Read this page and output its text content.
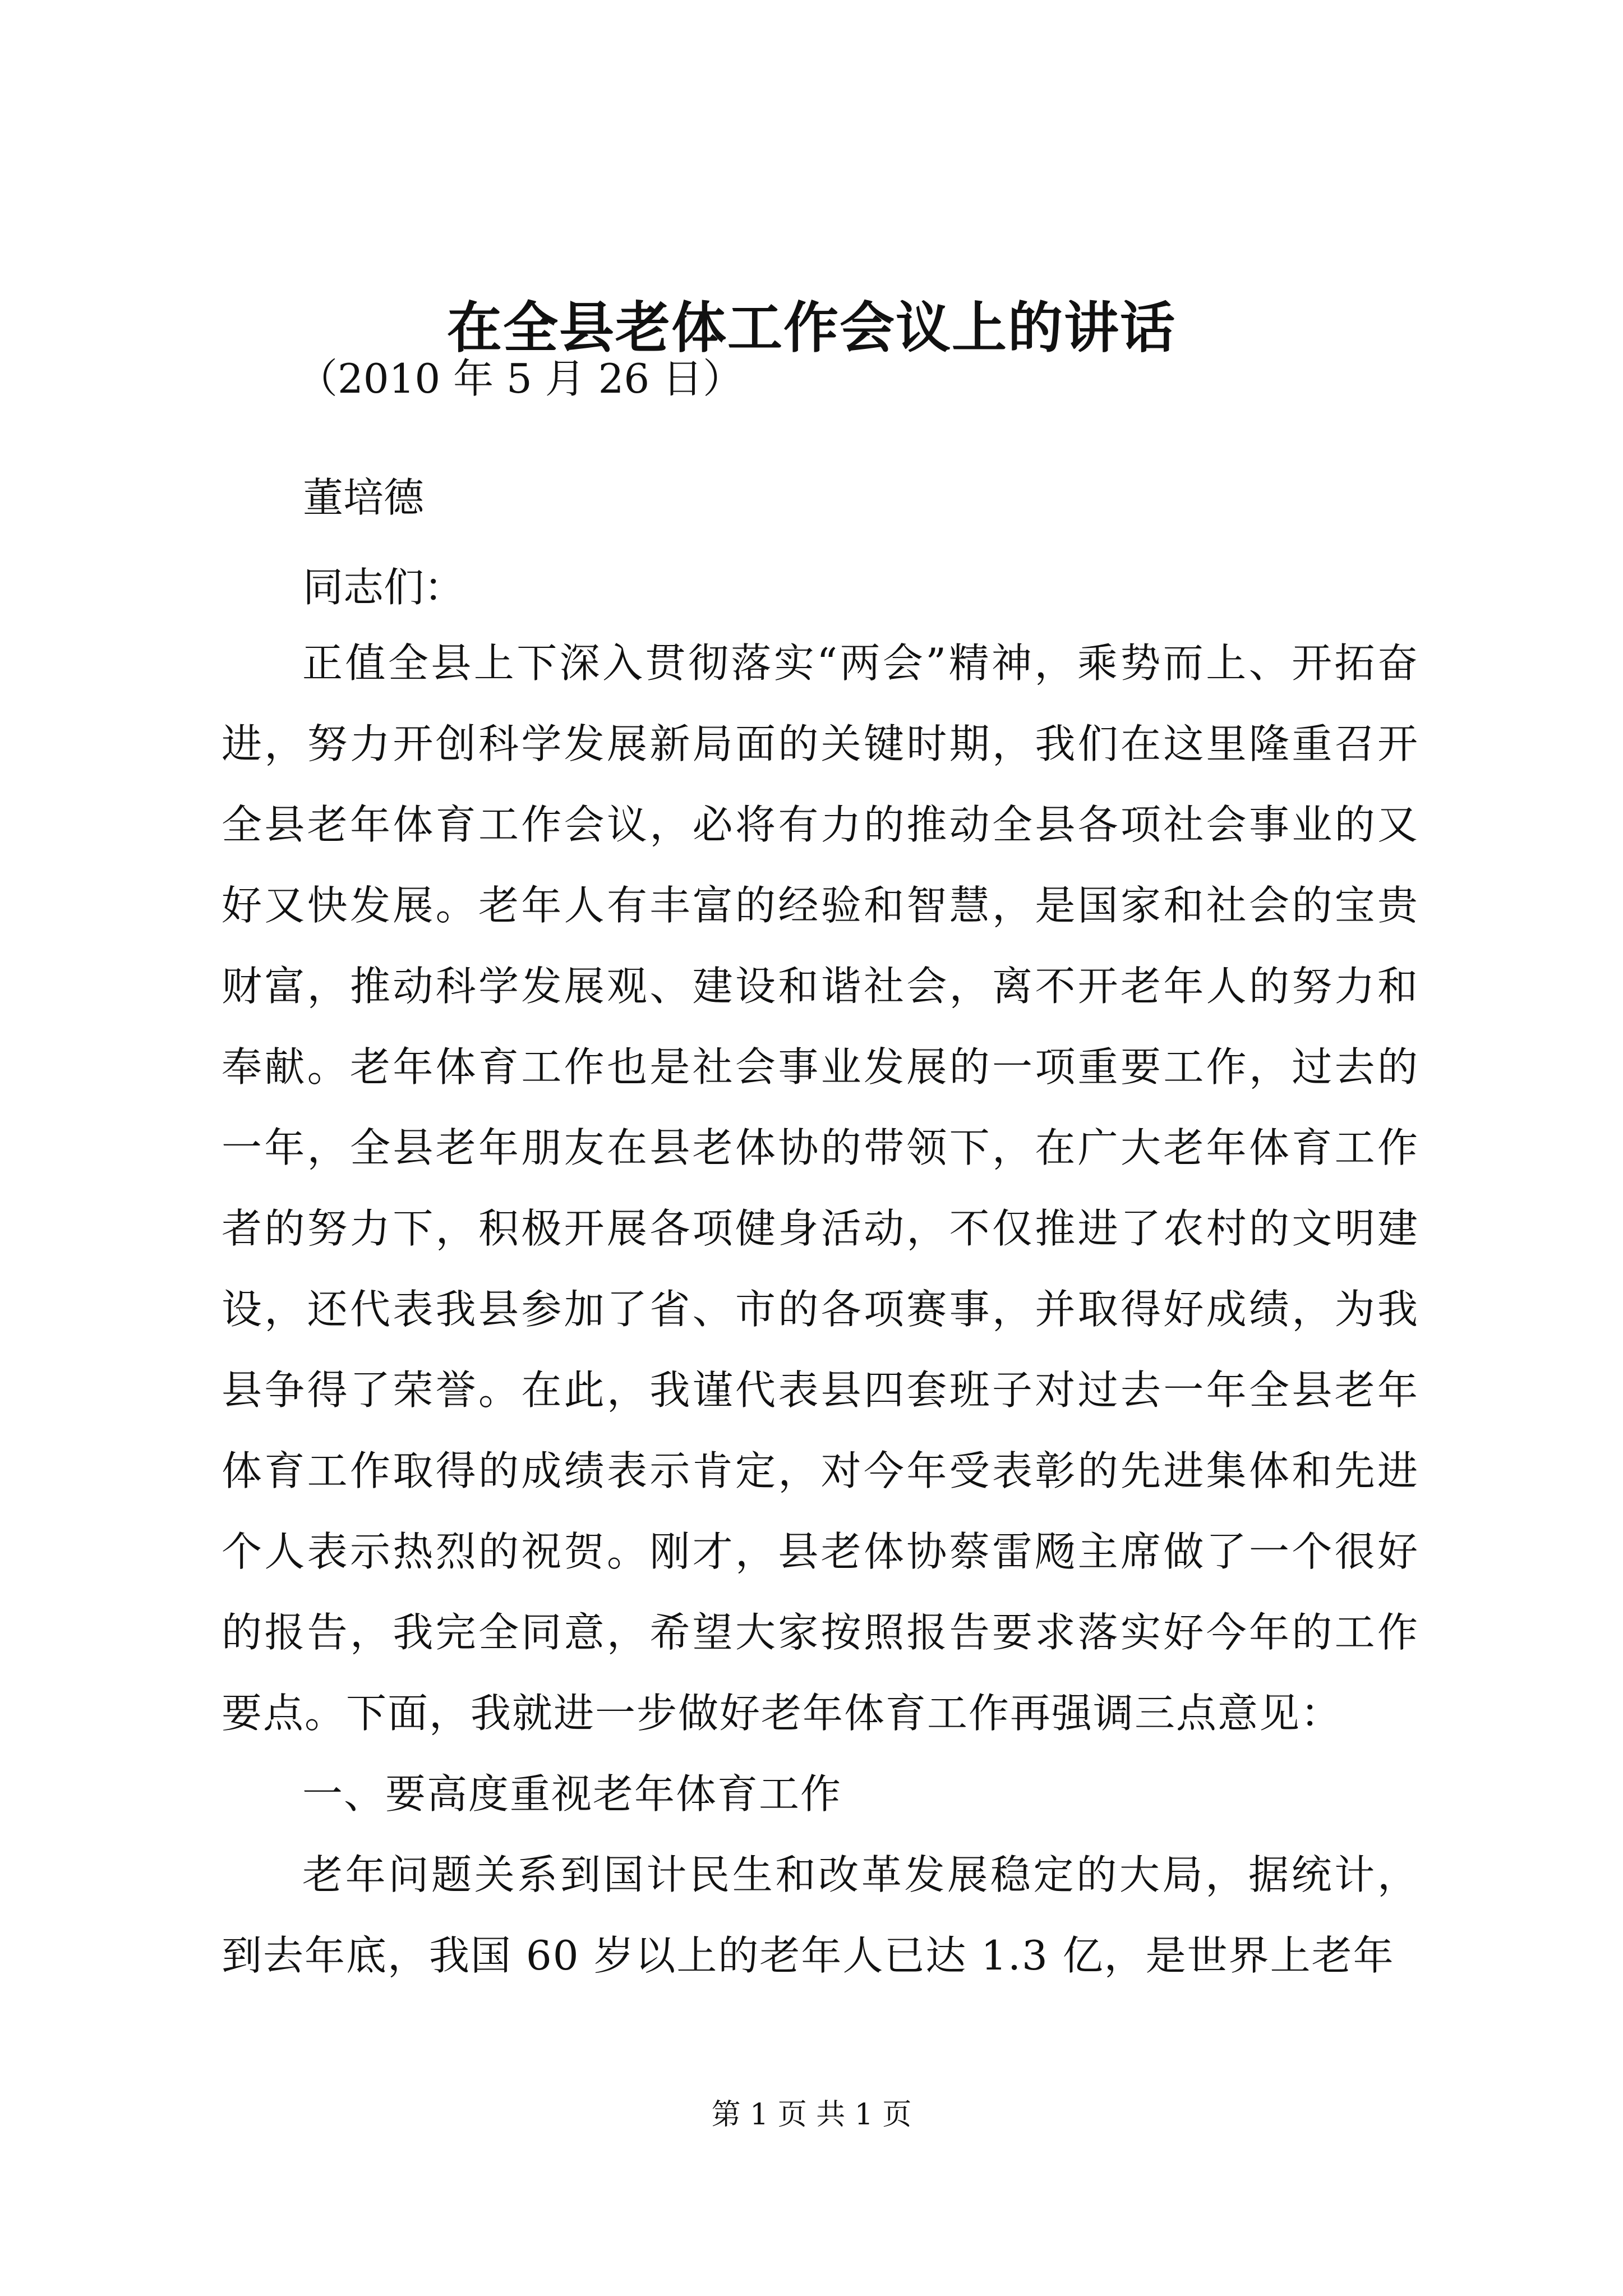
在全县老体工作会议上的讲话
（2010 年 5 月 26 日）
董培德
同志们：

正值全县上下深入贯彻落实“两会”精神，乘势而上、开拓奋进，努力开创科学发展新局面的关键时期，我们在这里隆重召开全县老年体育工作会议，必将有力的推动全县各项社会事业的又好又快发展。老年人有丰富的经验和智慧，是国家和社会的宝贵财富，推动科学发展观、建设和谐社会，离不开老年人的努力和奉献。老年体育工作也是社会事业发展的一项重要工作，过去的一年，全县老年朋友在县老体协的带领下，在广大老年体育工作者的努力下，积极开展各项健身活动，不仅推进了农村的文明建设，还代表我县参加了省、市的各项赛事，并取得好成绩，为我县争得了荣誉。在此，我谨代表县四套班子对过去一年全县老年体育工作取得的成绩表示肯定，对今年受表彰的先进集体和先进个人表示热烈的祝贺。刚才，县老体协蔡雷飏主席做了一个很好的报告，我完全同意，希望大家按照报告要求落实好今年的工作要点。下面，我就进一步做好老年体育工作再强调三点意见：

一、要高度重视老年体育工作

老年问题关系到国计民生和改革发展稳定的大局，据统计，到去年底，我国 60 岁以上的老年人已达 1.3 亿，是世界上老年

第 1 页 共 1 页
